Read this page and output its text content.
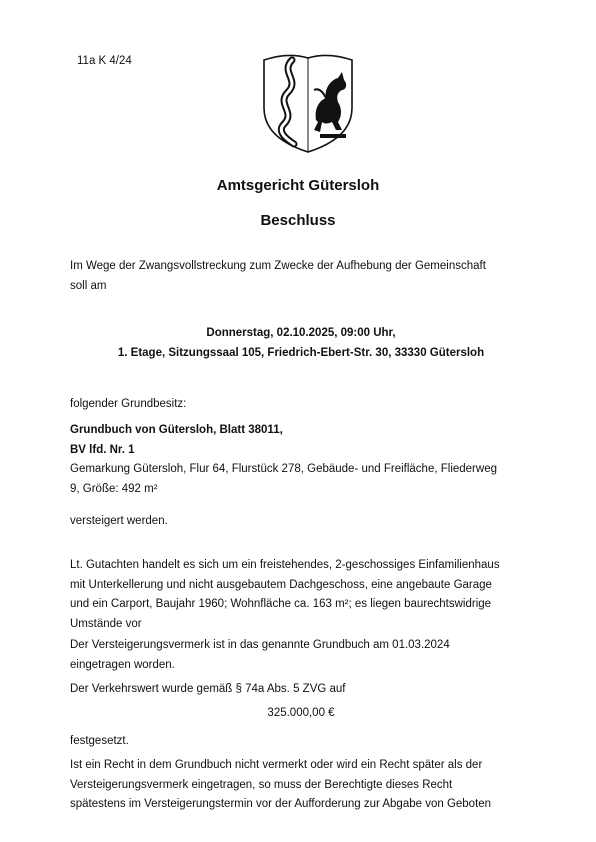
11a K 4/24
Amtsgericht Gütersloh
Beschluss
Im Wege der Zwangsvollstreckung zum Zwecke der Aufhebung der Gemeinschaft
soll am
Donnerstag, 02.10.2025, 09:00 Uhr,
1. Etage, Sitzungssaal 105, Friedrich-Ebert-Str. 30, 33330 Gütersloh
folgender Grundbesitz:
Grundbuch von Gütersloh, Blatt 38011,
BV lfd. Nr. 1
Gemarkung Gütersloh, Flur 64, Flurstück 278, Gebäude- und Freifläche, Fliederweg
9, Größe: 492 m²
versteigert werden.
Lt. Gutachten handelt es sich um ein freistehendes, 2-geschossiges Einfamilienhaus
mit Unterkellerung und nicht ausgebautem Dachgeschoss, eine angebaute Garage
und ein Carport, Baujahr 1960; Wohnfläche ca. 163 m²; es liegen baurechtswidrige
Umstände vor
Der Versteigerungsvermerk ist in das genannte Grundbuch am 01.03.2024
eingetragen worden.
Der Verkehrswert wurde gemäß § 74a Abs. 5 ZVG auf
325.000,00 €
festgesetzt.
Ist ein Recht in dem Grundbuch nicht vermerkt oder wird ein Recht später als der
Versteigerungsvermerk eingetragen, so muss der Berechtigte dieses Recht
spätestens im Versteigerungstermin vor der Aufforderung zur Abgabe von Geboten
